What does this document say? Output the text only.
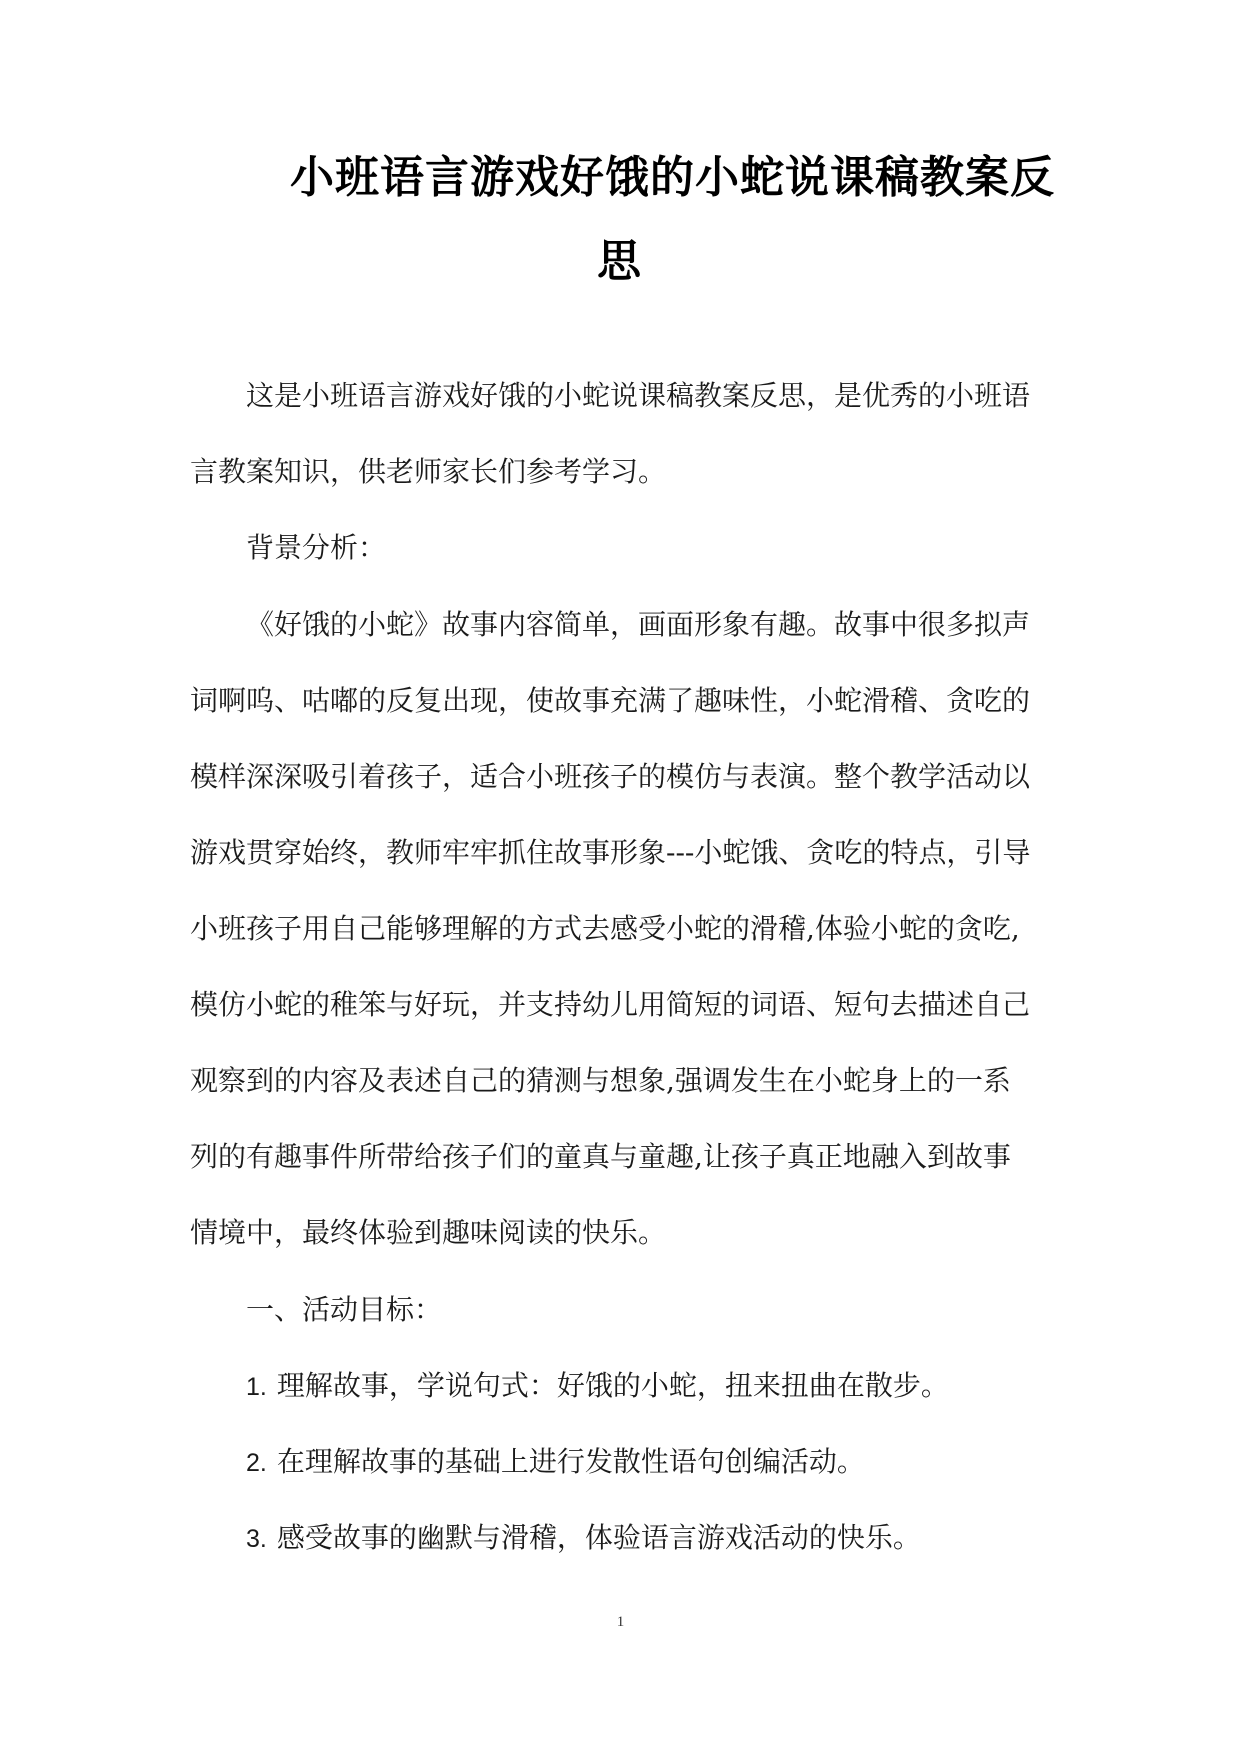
小班语言游戏好饿的小蛇说课稿教案反
思
这是小班语言游戏好饿的小蛇说课稿教案反思，是优秀的小班语
言教案知识，供老师家长们参考学习。
背景分析：
《好饿的小蛇》故事内容简单，画面形象有趣。故事中很多拟声
词啊呜、咕嘟的反复出现，使故事充满了趣味性，小蛇滑稽、贪吃的
模样深深吸引着孩子，适合小班孩子的模仿与表演。整个教学活动以
游戏贯穿始终，教师牢牢抓住故事形象---小蛇饿、贪吃的特点，引导
小班孩子用自己能够理解的方式去感受小蛇的滑稽,体验小蛇的贪吃,
模仿小蛇的稚笨与好玩，并支持幼儿用简短的词语、短句去描述自己
观察到的内容及表述自己的猜测与想象,强调发生在小蛇身上的一系
列的有趣事件所带给孩子们的童真与童趣,让孩子真正地融入到故事
情境中，最终体验到趣味阅读的快乐。
一、活动目标：
1. 理解故事，学说句式：好饿的小蛇，扭来扭曲在散步。
2. 在理解故事的基础上进行发散性语句创编活动。
3. 感受故事的幽默与滑稽，体验语言游戏活动的快乐。
1
